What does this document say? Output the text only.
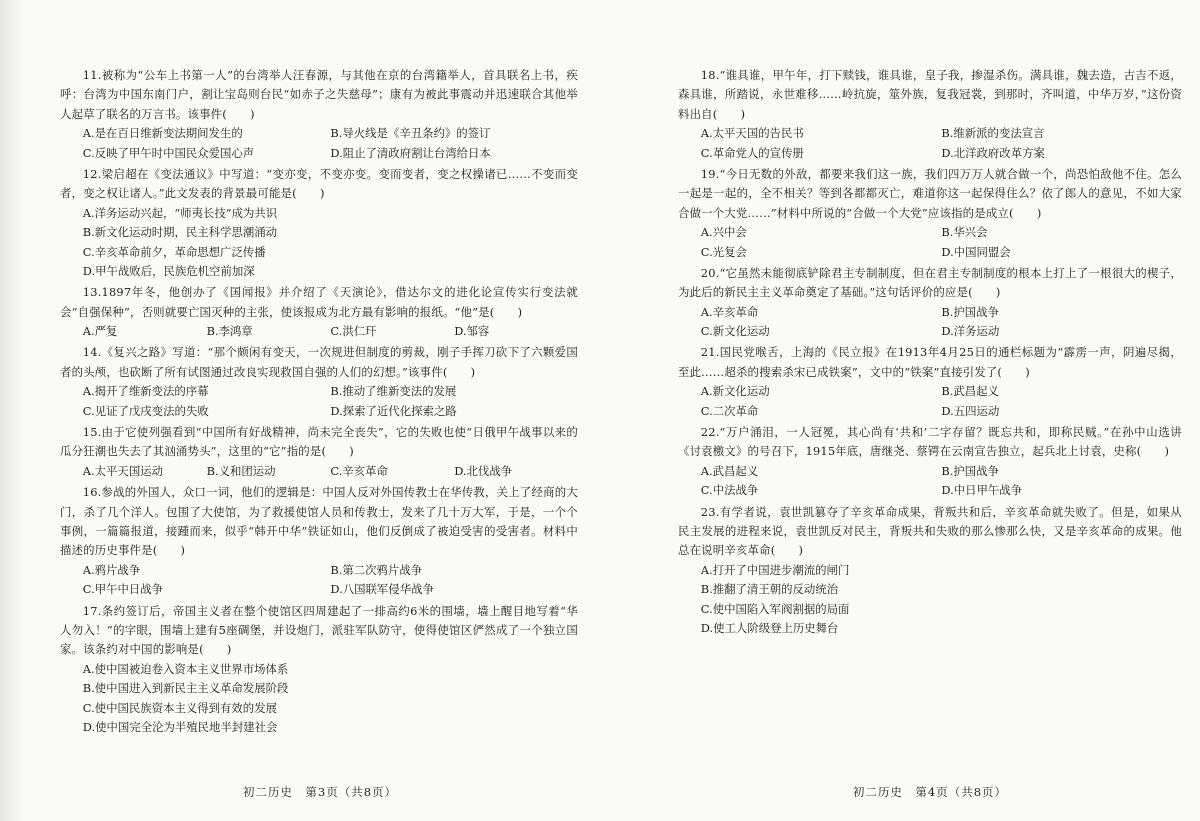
11.被称为“公车上书第一人”的台湾举人汪春源，与其他在京的台湾籍举人，首具联名上书，疾呼：台湾为中国东南门户，割让宝岛则台民“如赤子之失慈母”；康有为被此事震动并迅速联合其他举人起草了联名的万言书。该事件(　　)
A.是在百日维新变法期间发生的	B.导火线是《辛丑条约》的签订
C.反映了甲午时中国民众爱国心声	D.阻止了清政府割让台湾给日本
12.梁启超在《变法通议》中写道：“变亦变，不变亦变。变而变者，变之权操诸已……不变而变者，变之权让诸人。”此文发表的背景最可能是(　　)
A.洋务运动兴起，“师夷长技”成为共识
B.新文化运动时期，民主科学思潮涌动
C.辛亥革命前夕，革命思想广泛传播
D.甲午战败后，民族危机空前加深
13.1897年冬，他创办了《国闻报》并介绍了《天演论》，借达尔文的进化论宣传实行变法就会“自强保种”，否则就要亡国灭种的主张，使该报成为北方最有影响的报纸。“他”是(　　)
A.严复	B.李鸿章	C.洪仁玕	D.邹容
14.《复兴之路》写道：“那个颇闲有变天，一次规进但制度的剪裁，刚子手挥刀砍下了六颗爱国者的头颅，也砍断了所有试图通过改良实现救国自强的人们的幻想。”该事件(　　)
A.揭开了维新变法的序幕	B.推动了维新变法的发展
C.见证了戊戌变法的失败	D.探索了近代化探索之路
15.由于它使列强看到“中国所有好战精神，尚未完全丧失”，它的失败也使“日俄甲午战事以来的瓜分狂潮也失去了其汹涌势头”，这里的“它”指的是(　　)
A.太平天国运动	B.义和团运动	C.辛亥革命	D.北伐战争
16.参战的外国人，众口一词，他们的逻辑是：中国人反对外国传教士在华传教，关上了经商的大门，杀了几个洋人。包围了大使馆，为了救援使馆人员和传教士，发来了几十万大军，于是，一个个事例，一篇篇报道，接踵而来，似乎“韩开中华”铁证如山，他们反倒成了被迫受害的受害者。材料中描述的历史事件是(　　)
A.鸦片战争	B.第二次鸦片战争
C.甲午中日战争	D.八国联军侵华战争
17.条约签订后，帝国主义者在整个使馆区四周建起了一排高约6米的围墙，墙上醒目地写着“华人勿入！”的字眼，围墙上建有5座碉堡，并设炮门，派驻军队防守，使得使馆区俨然成了一个独立国家。该条约对中国的影响是(　　)
A.使中国被迫卷入资本主义世界市场体系
B.使中国进入到新民主主义革命发展阶段
C.使中国民族资本主义得到有效的发展
D.使中国完全沦为半殖民地半封建社会
初二历史　第3页（共8页）
18.“谁具谁，甲午年，打下赎钱，谁具谁，皇子我，掺湿杀伤。满具谁，魏去造，古吉不返，森具谁，所踏说，永世难移……岭抗旋，筮外族，复我冠裳，到那时，齐叫道，中华万岁，”这份资料出自(　　)
A.太平天国的告民书	B.维新派的变法宣言
C.革命党人的宣传册	D.北洋政府改革方案
19.“今日无数的外敌，都要来我们这一族，我们四万万人就合做一个，尚恐怕敌他不住。怎么一起是一起的，全不相关？等到各都都灭亡，难道你这一起保得住么？依了郎人的意见，不如大家合做一个大党……”材料中所说的“合做一个大党”应该指的是成立(　　)
A.兴中会	B.华兴会
C.光复会	D.中国同盟会
20.“它虽然未能彻底铲除君主专制制度，但在君主专制制度的根本上打上了一根很大的楔子，为此后的新民主主义革命奠定了基础。”这句话评价的应是(　　)
A.辛亥革命	B.护国战争
C.新文化运动	D.洋务运动
21.国民党喉舌，上海的《民立报》在1913年4月25日的通栏标题为“霹雳一声，阴遍尽揭，至此……超杀的搜索杀宋已成铁案”，文中的“铁案”直接引发了(　　)
A.新文化运动	B.武昌起义
C.二次革命	D.五四运动
22.“万户涌泪，一人冠冕，其心尚有‘共和’二字存留？既忘共和，即称民贼。”在孙中山选讲《讨袁檄文》的号召下，1915年底，唐继尧、蔡锷在云南宣告独立，起兵北上讨袁，史称(　　)
A.武昌起义	B.护国战争
C.中法战争	D.中日甲午战争
23.有学者说，袁世凯篡夺了辛亥革命成果，背叛共和后，辛亥革命就失败了。但是，如果从民主发展的进程来说，袁世凯反对民主，背叛共和失败的那么惨那么快，又是辛亥革命的成果。他总在说明辛亥革命(　　)
A.打开了中国进步潮流的闸门
B.推翻了清王朝的反动统治
C.使中国陷入军阀割据的局面
D.使工人阶级登上历史舞台
初二历史　第4页（共8页）
